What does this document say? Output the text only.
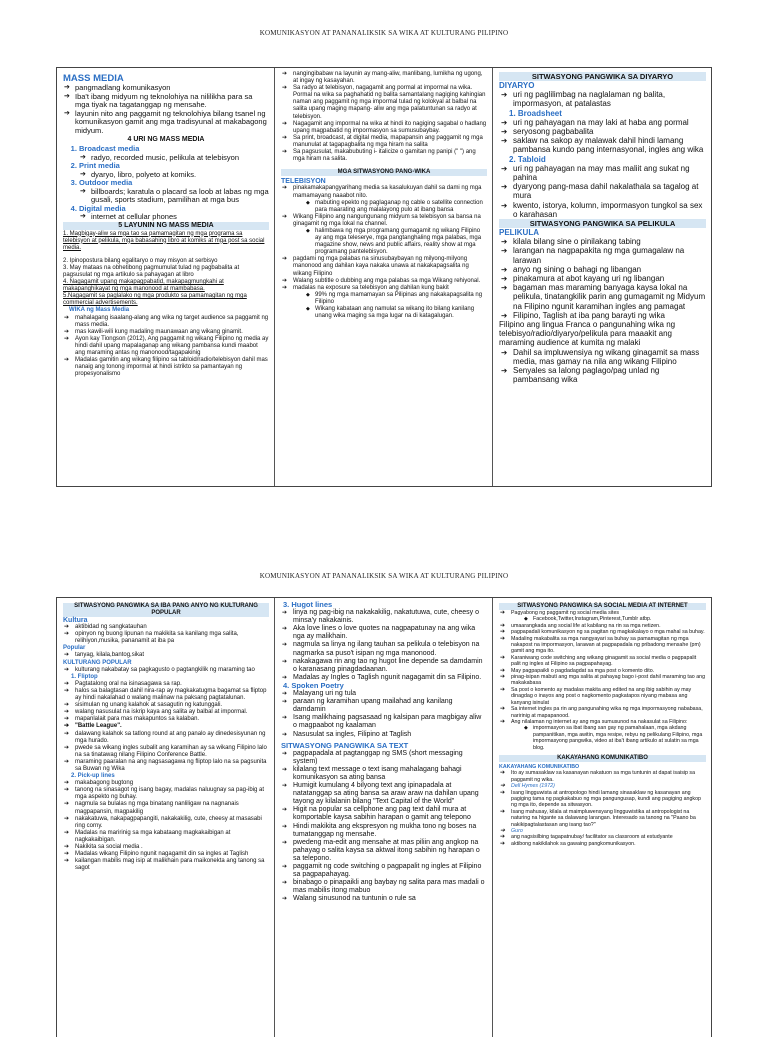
KOMUNIKASYON AT PANANALIKSIK SA WIKA AT KULTURANG PILIPINO
MASS MEDIA
➔ pangmadlang komunikasyon
➔ Iba't ibang midyum ng teknolohiya na nililikha para sa mga tiyak na tagatanggap ng mensahe.
➔ layunin nito ang paggamit ng teknolohiya bilang tsanel ng komunikasyon gamit ang mga tradisyunal at makabagong midyum.
4 URI NG MASS MEDIA
1. Broadcast media
➔ radyo, recorded music, pelikula at telebisyon
2. Print media
➔ dyaryo, libro, polyeto at komiks.
3. Outdoor media
➔ billboards; karatula o placard sa loob at labas ng mga gusali, sports stadium, pamilihan at mga bus
4. Digital media
➔ internet at cellular phones
5 LAYUNIN NG MASS MEDIA

1. Magbigay-aliw sa mga tao sa pamamagitan ng mga programa sa telebisyon at pelikula, mga babasahing libro at komiks at mga post sa social media.

2. Ipinopostura bilang egalitaryo o may misyon at serbisyo

3. May mataas na obhetibong pagmumulat tulad ng pagbabalita at pagsusulat ng mga artikulo sa pahayagan at libro

4. Nagagamit upang makapagpabatid, makapagmungkahi at makapanghikayat ng mga manonood at mambabasa.

5.Nagagamit sa paglalako ng mga produkto sa pamamagitan ng mga commercial advertisements.

WIKA ng Mass Media
➔ mahalagang isaalang-alang ang wika ng target audience sa paggamit ng mass media.
➔ mas kawili-wili kung madaling maunawaan ang wikang ginamit.
➔ Ayon kay Tiongson (2012), Ang paggamit ng wikang Filipino ng media ay hindi dahil upang mapalaganap ang wikang pambansa kundi maabot ang maraming antas ng manonood/tagapakinig
➔ Madalas gamitin ang wikang filipino sa tabloid/radio/telebisyon dahil mas nanaig ang tonong impormal at hindi istrikto sa pamantayan ng propesyonalismo
➔ nangingibabaw na layunin ay mang-aliw, manlibang, lumikha ng ugong, at ingay ng kasayahan.
➔ Sa radyo at telebisyon, nagagamit ang pormal at impormal na wika. Pormal na wika sa paghahatid ng balita samantalang nagiging kahingian naman ang paggamit ng mga impormal tulad ng kolokyal at balbal na salita upang maging mapang- aliw ang mga palatuntunan sa radyo at telebisyon.
➔ Nagagamit ang impormal na wika at hindi ito nagiging sagabal o hadlang upang magpabatid ng impormasyon sa sumusubaybay.
➔ Sa print, broadcast, at digital media, mapapansin ang paggamit ng mga manunulat at tagapagbalita ng mga hiram na salita
➔ Sa pagsusulat, makabubuting i- italicize o gamitan ng panipi (" ") ang mga hiram na salita.
MGA SITWASYONG PANG-WIKA
TELEBISYON
➔ pinakamakapangyarihang media sa kasalukuyan dahil sa dami ng mga mamamayang naaabot nito.
◆ mabuting epekto ng paglaganap ng cable o satellite connection para maarating ang malalayong pulo at ibang bansa
➔ Wikang Filipino ang nangungunang midyum sa telebisyon sa bansa na ginagamit ng mga lokal na channel.
◆ halimbawa ng mga programang gumagamit ng wikang Filipino ay ang mga teleserye, mga pangtanghaling mga palabas, mga magazine show, news and public affairs, reality show at mga programang pantelebisyon.
➔ pagdami ng mga palabas na sinusubaybayan ng milyong-milyong manonood ang dahilan kaya nakaka unawa at nakakapagsalita ng wikang Filipino
➔ Walang subtitle o dubbing ang mga palabas sa mga Wikang rehiyonal.
➔ madalas na exposure sa telebisyon ang dahilan kung bakit
◆ 99% ng mga mamamayan sa Pilipinas ang nakakapagsalita ng Filipino
◆ Wikang kabataan ang namulat sa wikang ito bilang kanilang unang wika maging sa mga lugar na di katagalugan.
SITWASYONG PANGWIKA SA DIYARYO
DIYARYO
➔ uri ng paglilimbag na naglalaman ng balita, impormasyon, at patalastas
1. Broadsheet
➔ uri ng pahayagan na may laki at haba ang pormal
➔ seryosong pagbabalita
➔ saklaw na sakop ay malawak dahil hindi lamang pambansa kundo pang internasyonal, ingles ang wika
2. Tabloid
➔ uri ng pahayagan na may mas maliit ang sukat ng pahina
➔ dyaryong pang-masa dahil nakalathala sa tagalog at mura
➔ kwento, istorya, kolumn, impormasyon tungkol sa sex o karahasan
SITWASYONG PANGWIKA SA PELIKULA
PELIKULA
➔ kilala bilang sine o pinilakang tabing
➔ larangan na nagpapakita ng mga gumagalaw na larawan
➔ anyo ng sining o bahagi ng libangan
➔ pinakamura at abot kayang uri ng libangan
➔ bagaman mas maraming banyaga kaysa lokal na pelikula, tinatangkilik parin ang gumagamit ng Midyum na Filipino ngunit karamihan ingles ang pamagat
➔ Filipino, Taglish at iba pang barayti ng wika

Filipino ang lingua Franca o pangunahing wika ng telebisyo/radio/diyaryo/pelikula para maaakit ang maraming audience at kumita ng malaki

➔ Dahil sa impluwensiya ng wikang ginagamit sa mass media, mas gamay na nila ang wikang Filipino
➔ Senyales sa lalong paglago/pag unlad ng pambansang wika
KOMUNIKASYON AT PANANALIKSIK SA WIKA AT KULTURANG PILIPINO
SITWASYONG PANGWIKA SA IBA PANG ANYO NG KULTURANG POPULAR
Kultura
➔ aktibidad ng sangkatauhan
➔ opinyon ng buong lipunan na makikita sa kanilang mga salita, relihiyon,musika, pananamit at iba pa
Popular
➔ tanyag, kilala,bantog,sikat
KULTURANG POPULAR
➔ kulturang nakabatay sa pagkagusto o pagtangkilik ng maraming tao
1. Fliptop
➔ Pagtatalong oral na isinasagawa sa rap.
➔ halos sa balagtasan dahil nira-rap ay magkakatugma bagamat sa fliptop ay hindi nakalahad o walang malinaw na paksang pagtatalunan.
➔ sisimulan ng unang kalahok at sasagutin ng katunggali.
➔ walang nasusulat na iskrip kaya ang salita ay balbal at impormal.
➔ mapanlalait para mas makapuntos sa kalaban.
➔ "Battle League".
➔ dalawang kalahok sa tatlong round at ang panalo ay dinedesisyunan ng mga hurado.
➔ pwede sa wikang ingles subalit ang karamihan ay sa wikang Filipino lalo na sa tinatawag nilang Filipino Conference Battle.
➔ maraming paaralan na ang nagsasagawa ng fliptop lalo na sa pagsunita sa Buwan ng Wika
2. Pick-up lines
➔ makabagong bugtong
➔ tanong na sinasagot ng isang bagay, madalas naluugnay sa pag-ibig at mga aspekto ng buhay.
➔ nagmula sa bulalas ng mga binatang nanliligaw na nagnanais magpapansin, magpakilig
➔ nakakatuwa, nakapagpapangiti, nakakakilig, cute, cheesy at masasabi ring corny.
➔ Madalas na maririnig sa mga kabataang magkakaibigan at nagkakaibigan.
➔ Nakikita sa social media .
➔ Madalas wikang Filipino ngunit nagagamit din sa ingles at Taglish
➔ kailangan mabilis mag isip at malikhain para maikonekta ang tanong sa sagot
3. Hugot lines
➔ linya ng pag-ibig na nakakakilig, nakatutuwa, cute, cheesy o minsa'y nakakainis.
➔ Aka love lines o love quotes na nagpapatunay na ang wika nga ay malikhain.
➔ nagmula sa linya ng ilang tauhan sa pelikula o telebisyon na nagmarka sa puso't isipan ng mga manonood.
➔ nakakagawa rin ang tao ng hugot line depende sa damdamin o karanasang pinagdadaanan.
➔ Madalas ay Ingles o Taglish ngunit nagagamit din sa Filipino.
4. Spoken Poetry
➔ Malayang uri ng tula
➔ paraan ng karamihan upang mailahad ang kanilang damdamin
➔ Isang malikhaing pagsasaad ng kalsipan para magbigay aliw o magpaabot ng kaalaman
➔ Nasusulat sa ingles, Filipino at Taglish
SITWASYONG PANGWIKA SA TEXT
➔ pagpapadala at pagtanggap ng SMS (short messaging system)
➔ kilalang text message o text isang mahalagang bahagi komunikasyon sa ating bansa
➔ Humigit kumulang 4 bilyong text ang ipinapadala at natatanggap sa ating bansa sa araw araw na dahilan upang tayong ay kilalanin bilang "Text Capital of the World"
➔ Higit na popular sa cellphone ang pag text dahil mura at komportable kaysa sabihin harapan o gamit ang telepono
➔ Hindi makikita ang ekspresyon ng mukha tono ng boses na tumatanggap ng mensahe.
➔ pwedeng ma-edit ang mensahe at mas piliin ang angkop na pahayag o salita kaysa sa aktwal itong sabihin ng harapan o sa telepono.
➔ paggamit ng code switching o pagpapalit ng ingles at Filipino sa pagpapahayag.
➔ binabago o pinapaikli ang baybay ng salita para mas madali o mas mabilis itong mabuo
➔ Walang sinusunod na tuntunin o rule sa
SITWASYONG PANGWIKA SA SOCIAL MEDIA AT INTERNET
➔ Pagyabong ng paggamit ng social media sites
◆ Facebook,Twitter,Instagram,Pinterest,Tumblr atbp.
➔ umaarangkada ang social life at kabilang na rin sa mga netizen.
➔ pagpapadali komunikasyon ng sa pagitan ng magkakalayo o mga mahal sa buhay.
➔ Madaling makabalita sa mga nangyayari sa buhay sa pamamagitan ng mga nakapost na impormasyon, larawan at pagpapadala ng pribadong mensahe (pm) gamit ang mga ito.
➔ Karaniwang code switching ang wikang ginagamit sa social media o pagpapalit palit ng ingles at Filipino sa pagpapahayag.
➔ May pagpapaikli o pagdadagdat sa mga post o komento dito.
➔ pinag-isipan mabuti ang mga salita at pahayag bago i-post dahil maraming tao ang makakabasa
➔ Sa post o komento ay madalas makita ang edited na ang ibig sabihin ay may dinagdag o inayos ang post o nagkomento pagkatapos niyang mabasa ang kanyang isinulat
➔ Sa internet ingles pa rin ang pangunahing wika ng mga impormasyong nababasa, naririnig at mapapanood.
➔ Ang nilalaman ng internet ay ang mga sumusunod na nakasulat sa Filipino:
◆ impormasyon sa ibat ibang san gay ng pamahalaan, mga akdang pampanitikan, mga awitin, mga resipe, rebyu ng pelikulang Filipino, mga impormasyong pangwika, video at iba't ibang artikulo at sulatin sa mga blog.
KAKAYAHANG KOMUNIKATIBO
KAKAYAHANG KOMUNIKATIBO
➔ Ito ay sumasaklaw sa kasanayan nakatuon sa mga tuntunin at dapat isaisip sa paggamit ng wika.
➔ Dell Hymes (1972)
➔ Isang lingguwista at antropologo hindi lamang sinasaklaw ng kasanayan ang pagiging tama ng pagkakabuo ng mga pangungusap, kundi ang pagiging angkop ng mga ito, depende sa sitwasyon.
➔ Isang mahusay, kilala at maimpluwensyang lingguwistika at antropologist na naturing na higante sa dalawang larangan. Interesado sa tanong na "Paano ba nakikipagtalastasan ang isang tao?"
➔ Guro
➔ ang nagsisilbing tagapatnubay/ facilitator sa classroom at estudyante
➔ aktibong nakikilahok sa gawaing pangkomunikasyon.
